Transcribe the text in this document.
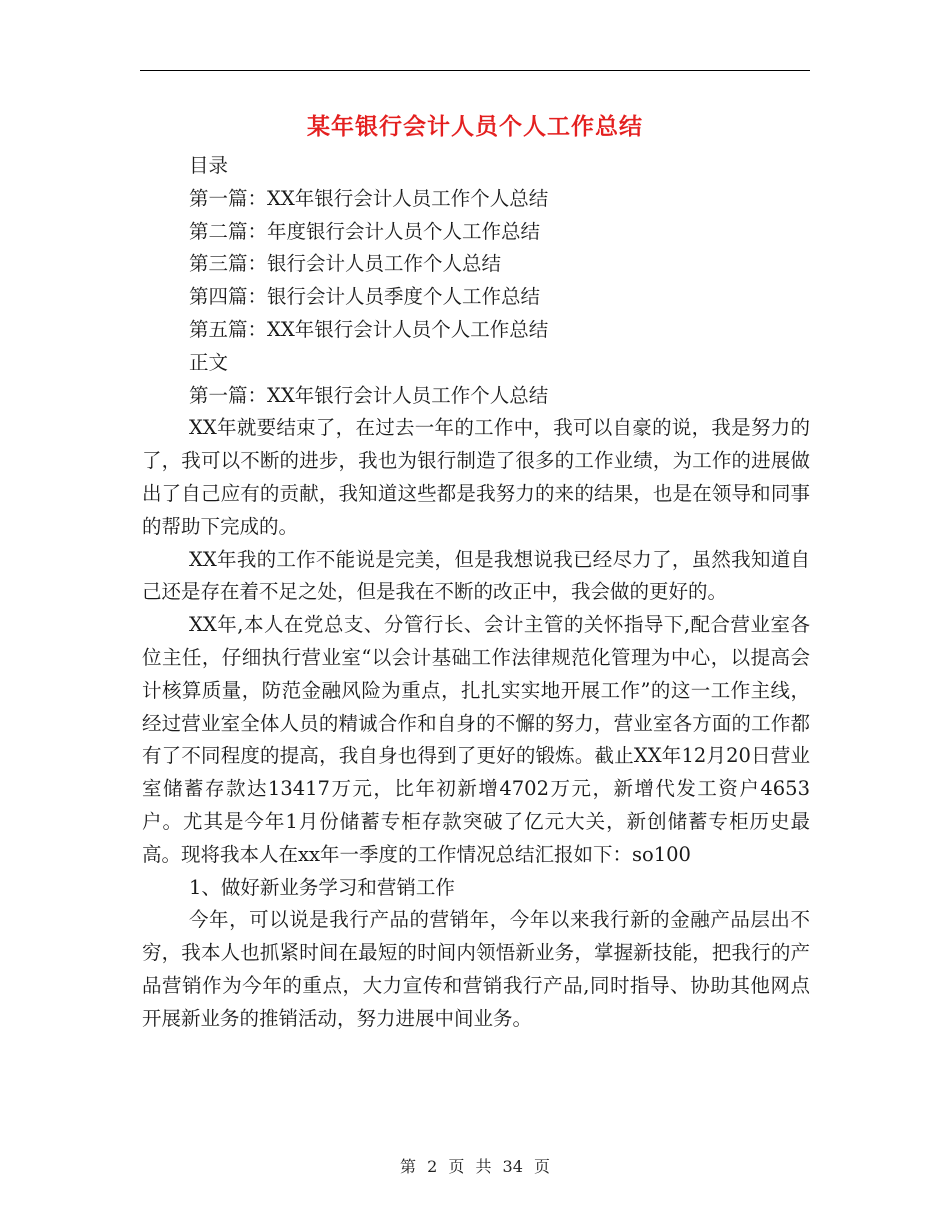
某年银行会计人员个人工作总结

目录

第一篇：XX年银行会计人员工作个人总结

第二篇：年度银行会计人员个人工作总结

第三篇：银行会计人员工作个人总结

第四篇：银行会计人员季度个人工作总结

第五篇：XX年银行会计人员个人工作总结

正文

第一篇：XX年银行会计人员工作个人总结

XX年就要结束了，在过去一年的工作中，我可以自豪的说，我是努力的了，我可以不断的进步，我也为银行制造了很多的工作业绩，为工作的进展做出了自己应有的贡献，我知道这些都是我努力的来的结果，也是在领导和同事的帮助下完成的。

XX年我的工作不能说是完美，但是我想说我已经尽力了，虽然我知道自己还是存在着不足之处，但是我在不断的改正中，我会做的更好的。

XX年,本人在党总支、分管行长、会计主管的关怀指导下,配合营业室各位主任，仔细执行营业室“以会计基础工作法律规范化管理为中心，以提高会计核算质量，防范金融风险为重点，扎扎实实地开展工作”的这一工作主线，经过营业室全体人员的精诚合作和自身的不懈的努力，营业室各方面的工作都有了不同程度的提高，我自身也得到了更好的锻炼。截止XX年12月20日营业室储蓄存款达13417万元，比年初新增4702万元，新增代发工资户4653户。尤其是今年1月份储蓄专柜存款突破了亿元大关，新创储蓄专柜历史最高。现将我本人在xx年一季度的工作情况总结汇报如下：so100

1、做好新业务学习和营销工作

今年，可以说是我行产品的营销年，今年以来我行新的金融产品层出不穷，我本人也抓紧时间在最短的时间内领悟新业务，掌握新技能，把我行的产品营销作为今年的重点，大力宣传和营销我行产品,同时指导、协助其他网点开展新业务的推销活动，努力进展中间业务。

第 2 页 共 34 页
